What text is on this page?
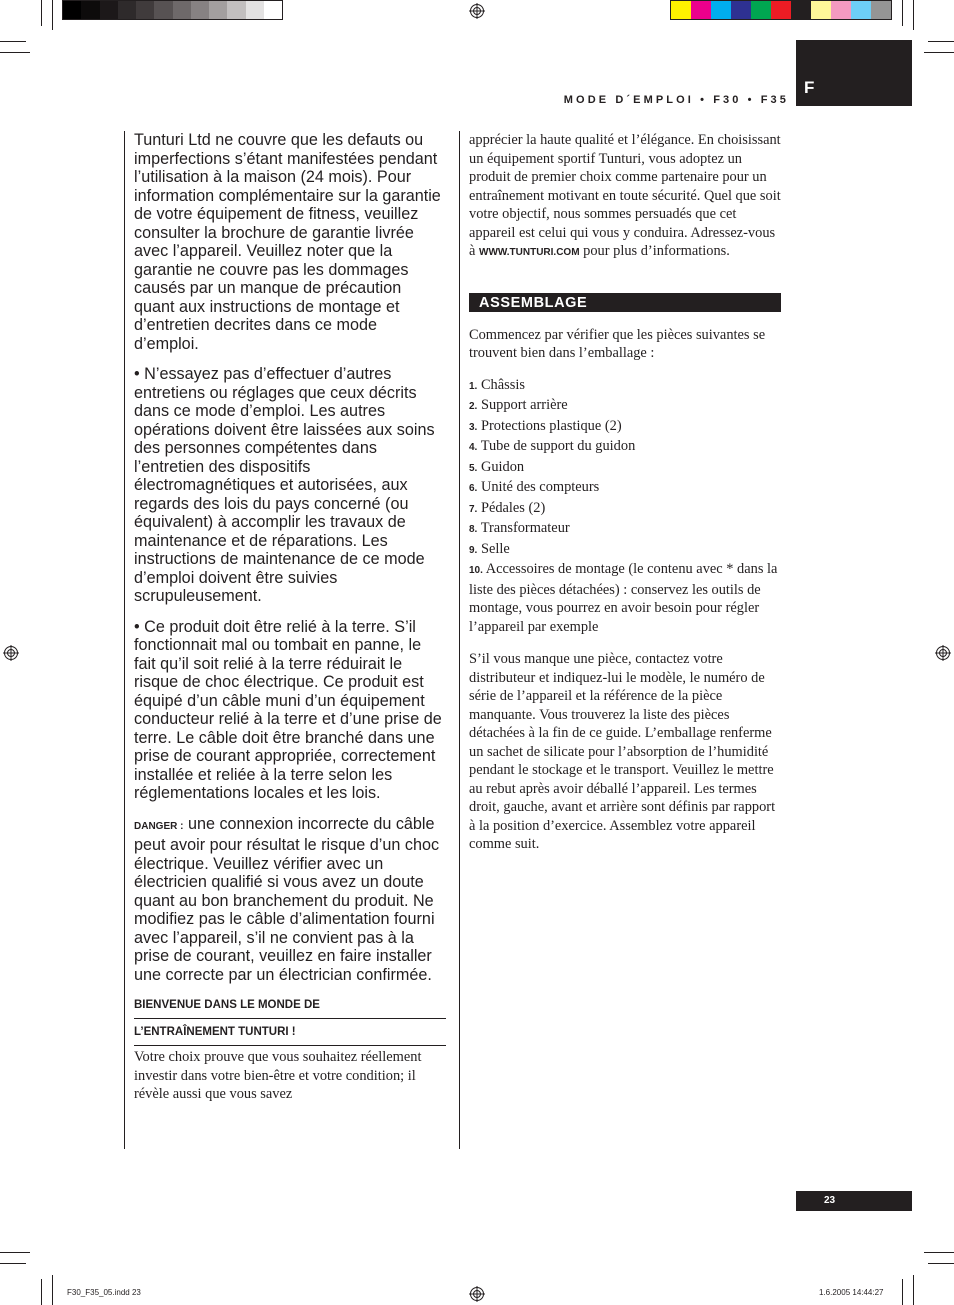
F
MODE D´EMPLOI • F30 • F35

Tunturi Ltd ne couvre que les defauts ou imperfections s’étant manifestées pendant l’utilisation à la maison (24 mois). Pour information complémentaire sur la garantie de votre équipement de fitness, veuillez consulter la brochure de garantie livrée avec l’appareil. Veuillez noter que la garantie ne couvre pas les dommages causés par un manque de précaution quant aux instructions de montage et d’entretien decrites dans ce mode d’emploi.

• N’essayez pas d’effectuer d’autres entretiens ou réglages que ceux décrits dans ce mode d’emploi. Les autres opérations doivent être laissées aux soins des personnes compétentes dans l’entretien des dispositifs électromagnétiques et autorisées, aux regards des lois du pays concerné (ou équivalent) à accomplir les travaux de maintenance et de réparations. Les instructions de maintenance de ce mode d’emploi doivent être suivies scrupuleusement.

• Ce produit doit être relié à la terre. S’il fonctionnait mal ou tombait en panne, le fait qu’il soit relié à la terre réduirait le risque de choc électrique. Ce produit est équipé d’un câble muni d’un équipement conducteur relié à la terre et d’une prise de terre. Le câble doit être branché dans une prise de courant appropriée, correctement installée et reliée à la terre selon les réglementations locales et les lois.

DANGER : une connexion incorrecte du câble peut avoir pour résultat le risque d’un choc électrique. Veuillez vérifier avec un électricien qualifié si vous avez un doute quant au bon branchement du produit. Ne modifiez pas le câble d’alimentation fourni avec l’appareil, s’il ne convient pas à la prise de courant, veuillez en faire installer une correcte par un électrician confirmée.

BIENVENUE DANS LE MONDE DE
L’ENTRAÎNEMENT TUNTURI !
Votre choix prouve que vous souhaitez réellement investir dans votre bien-être et votre condition; il révèle aussi que vous savez

apprécier la haute qualité et l’élégance. En choisissant un équipement sportif Tunturi, vous adoptez un produit de premier choix comme partenaire pour un entraînement motivant en toute sécurité. Quel que soit votre objectif, nous sommes persuadés que cet appareil est celui qui vous y conduira. Adressez-vous à WWW.TUNTURI.COM pour plus d’informations.

ASSEMBLAGE

Commencez par vérifier que les pièces suivantes se trouvent bien dans l’emballage :

1. Châssis
2. Support arrière
3. Protections plastique (2)
4. Tube de support du guidon
5. Guidon
6. Unité des compteurs
7. Pédales (2)
8. Transformateur
9. Selle
10. Accessoires de montage (le contenu avec * dans la liste des pièces détachées) : conservez les outils de montage, vous pourrez en avoir besoin pour régler l’appareil par exemple

S’il vous manque une pièce, contactez votre distributeur et indiquez-lui le modèle, le numéro de série de l’appareil et la référence de la pièce manquante. Vous trouverez la liste des pièces détachées à la fin de ce guide. L’emballage renferme un sachet de silicate pour l’absorption de l’humidité pendant le stockage et le transport. Veuillez le mettre au rebut après avoir déballé l’appareil. Les termes droit, gauche, avant et arrière sont définis par rapport à la position d’exercice. Assemblez votre appareil comme suit.

23
F30_F35_05.indd 23	1.6.2005 14:44:27
